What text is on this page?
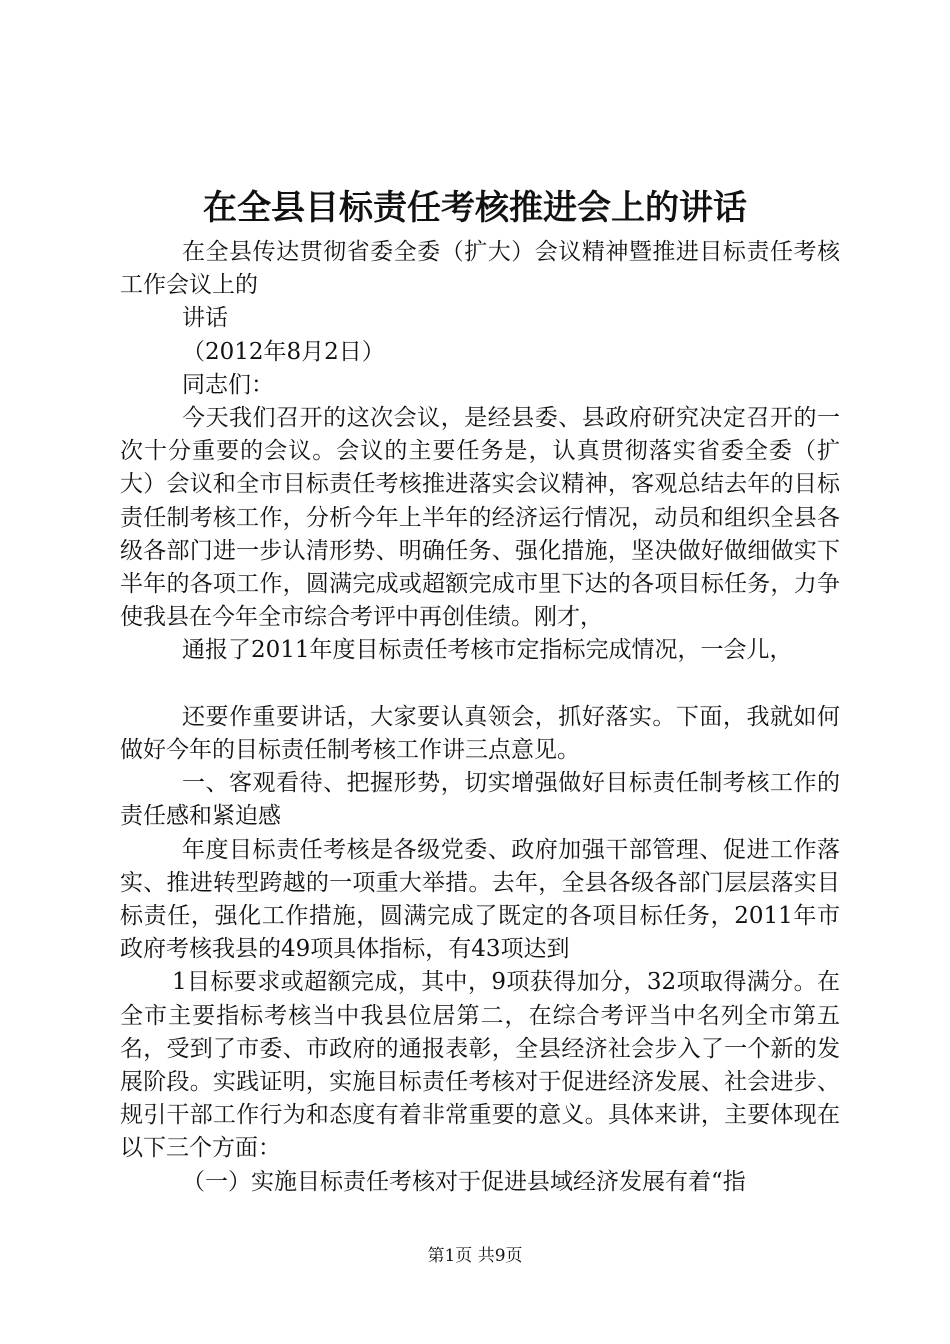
在全县目标责任考核推进会上的讲话

在全县传达贯彻省委全委（扩大）会议精神暨推进目标责任考核工作会议上的

讲话

（2012年8月2日）

同志们：

今天我们召开的这次会议，是经县委、县政府研究决定召开的一次十分重要的会议。会议的主要任务是，认真贯彻落实省委全委（扩大）会议和全市目标责任考核推进落实会议精神，客观总结去年的目标责任制考核工作，分析今年上半年的经济运行情况，动员和组织全县各级各部门进一步认清形势、明确任务、强化措施，坚决做好做细做实下半年的各项工作，圆满完成或超额完成市里下达的各项目标任务，力争使我县在今年全市综合考评中再创佳绩。刚才，

通报了2011年度目标责任考核市定指标完成情况，一会儿，

还要作重要讲话，大家要认真领会，抓好落实。下面，我就如何做好今年的目标责任制考核工作讲三点意见。

一、客观看待、把握形势，切实增强做好目标责任制考核工作的责任感和紧迫感

年度目标责任考核是各级党委、政府加强干部管理、促进工作落实、推进转型跨越的一项重大举措。去年，全县各级各部门层层落实目标责任，强化工作措施，圆满完成了既定的各项目标任务，2011年市政府考核我县的49项具体指标，有43项达到

1目标要求或超额完成，其中，9项获得加分，32项取得满分。在全市主要指标考核当中我县位居第二，在综合考评当中名列全市第五名，受到了市委、市政府的通报表彰，全县经济社会步入了一个新的发展阶段。实践证明，实施目标责任考核对于促进经济发展、社会进步、规引干部工作行为和态度有着非常重要的意义。具体来讲，主要体现在以下三个方面：

（一）实施目标责任考核对于促进县域经济发展有着“指

第1页 共9页
